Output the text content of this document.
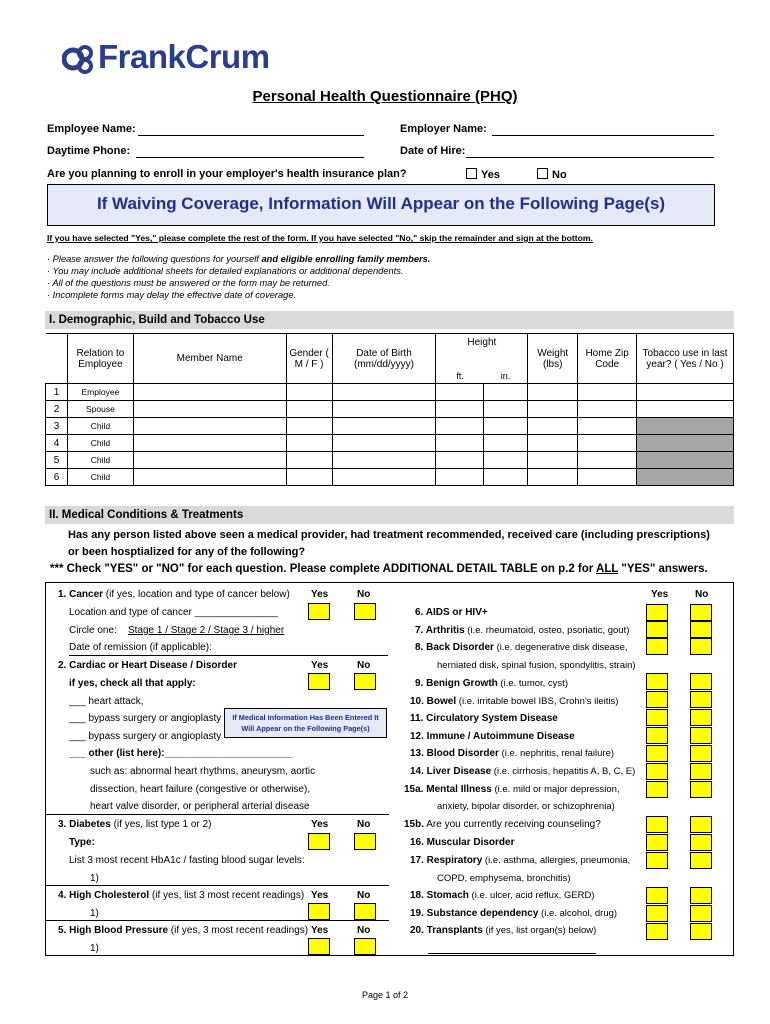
FrankCrum
Personal Health Questionnaire (PHQ)
Employee Name:	Employer Name:
Daytime Phone:	Date of Hire:
Are you planning to enroll in your employer's health insurance plan?	Yes	No
If Waiving Coverage, Information Will Appear on the Following Page(s)
If you have selected "Yes," please complete the rest of the form. If you have selected "No," skip the remainder and sign at the bottom.
· Please answer the following questions for yourself and eligible enrolling family members.
· You may include additional sheets for detailed explanations or additional dependents.
· All of the questions must be answered or the form may be returned.
· Incomplete forms may delay the effective date of coverage.
I. Demographic, Build and Tobacco Use
	Relation to Employee	Member Name	Gender ( M / F )	Date of Birth (mm/dd/yyyy)	Height		Weight (lbs)	Home Zip Code	Tobacco use in last year? ( Yes / No )
					ft.	in.			
1	Employee								
2	Spouse								
3	Child								
4	Child								
5	Child								
6	Child								
II. Medical Conditions & Treatments
Has any person listed above seen a medical provider, had treatment recommended, received care (including prescriptions)
or been hosptialized for any of the following?
*** Check "YES" or "NO" for each question. Please complete ADDITIONAL DETAIL TABLE on p.2 for ALL "YES" answers.
1. Cancer (if yes, location and type of cancer below) Yes	No
Location and type of cancer _______________
Circle one: Stage 1 / Stage 2 / Stage 3 / higher
Date of remission (if applicable):
2. Cardiac or Heart Disease / Disorder	Yes	No
if yes, check all that apply:
___ heart attack,
___ bypass surgery or angioplasty
___ bypass surgery or angioplasty
If Medical Information Has Been Entered It
Will Appear on the Following Page(s)
___ other (list here):_______________________
such as: abnormal heart rhythms, aneurysm, aortic
dissection, heart failure (congestive or otherwise),
heart valve disorder, or peripheral arterial disease
3. Diabetes (if yes, list type 1 or 2)	Yes	No
Type:
List 3 most recent HbA1c / fasting blood sugar levels:
1)
4. High Cholesterol (if yes, list 3 most recent readings) Yes	No
1)
5. High Blood Pressure (if yes, 3 most recent readings) Yes	No
1)
Yes	No
6. AIDS or HIV+
7. Arthritis (i.e. rheumatoid, osteo, psoriatic, gout)
8. Back Disorder (i.e. degenerative disk disease,
herniated disk, spinal fusion, spondylitis, strain)
9. Benign Growth (i.e. tumor, cyst)
10. Bowel (i.e. irritable bowel IBS, Crohn's ileitis)
11. Circulatory System Disease
12. Immune / Autoimmune Disease
13. Blood Disorder (i.e. nephritis, renal failure)
14. Liver Disease (i.e. cirrhosis, hepatitis A, B, C, E)
15a. Mental Illness (i.e. mild or major depression,
anxiety, bipolar disorder, or schizophrenia)
15b. Are you currently receiving counseling?
16. Muscular Disorder
17. Respiratory (i.e. asthma, allergies, pneumonia,
COPD, emphysema, bronchitis)
18. Stomach (i.e. ulcer, acid reflux, GERD)
19. Substance dependency (i.e. alcohol, drug)
20. Transplants (if yes, list organ(s) below)
Page 1 of 2
